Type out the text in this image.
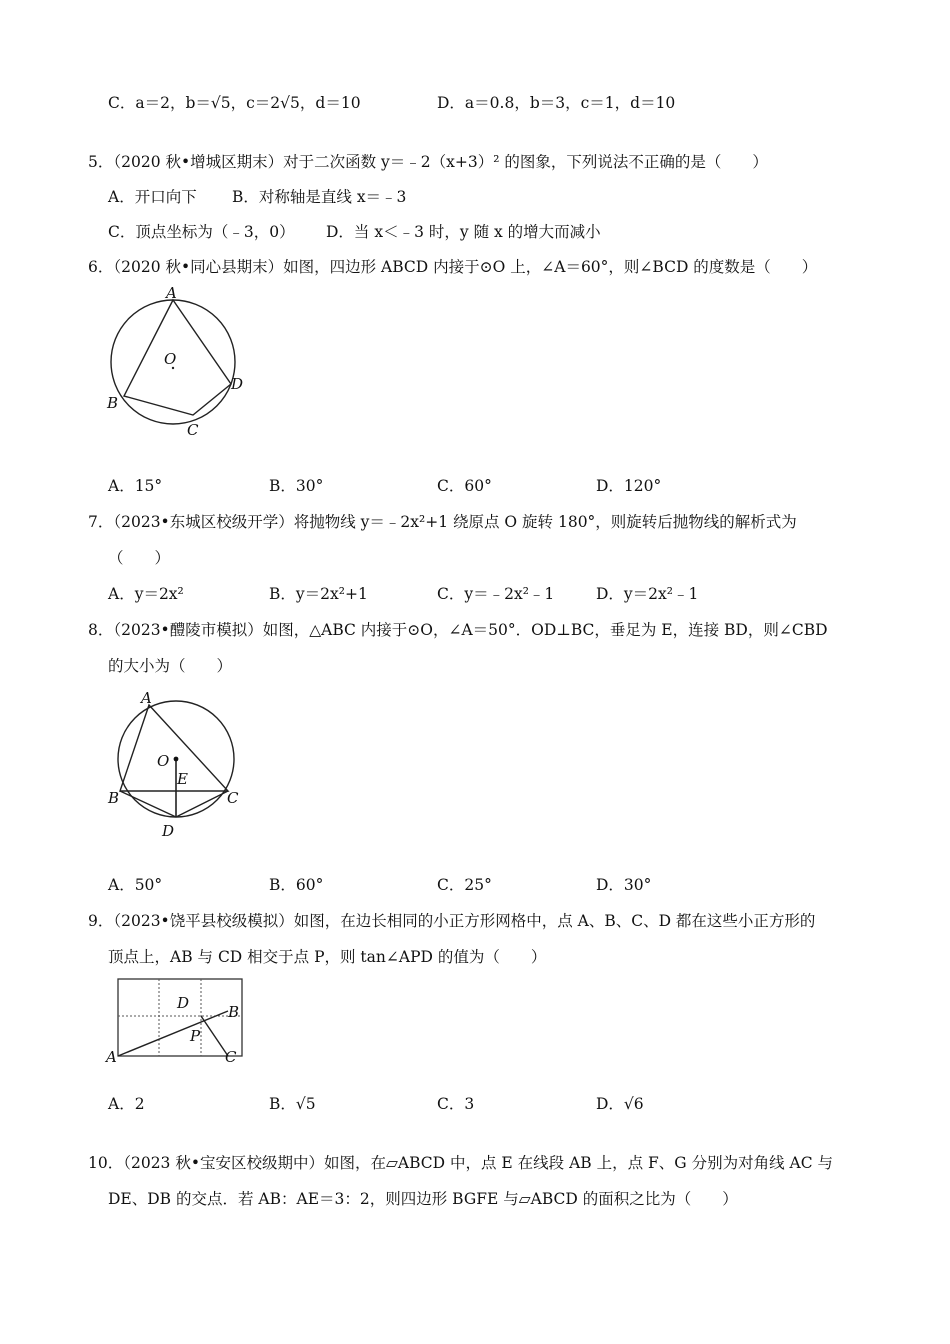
C．a＝2，b＝√5，c＝2√5，d＝10	D．a＝0.8，b＝3，c＝1，d＝10
5．（2020 秋•增城区期末）对于二次函数 y＝﹣2（x+3）² 的图象，下列说法不正确的是（　　）
A．开口向下 B．对称轴是直线 x＝﹣3
C．顶点坐标为（﹣3，0） D．当 x＜﹣3 时，y 随 x 的增大而减小
6．（2020 秋•同心县期末）如图，四边形 ABCD 内接于⊙O 上，∠A＝60°，则∠BCD 的度数是（　　）
A
O
B
C
D
A．15°	B．30°	C．60°	D．120°
7．（2023•东城区校级开学）将抛物线 y＝﹣2x²+1 绕原点 O 旋转 180°，则旋转后抛物线的解析式为
（　　）
A．y＝2x²	B．y＝2x²+1	C．y＝﹣2x²﹣1	D．y＝2x²﹣1
8．（2023•醴陵市模拟）如图，△ABC 内接于⊙O，∠A＝50°．OD⊥BC，垂足为 E，连接 BD，则∠CBD
的大小为（　　）
A
O
E
B	C
D
A．50°	B．60°	C．25°	D．30°
9．（2023•饶平县校级模拟）如图，在边长相同的小正方形网格中，点 A、B、C、D 都在这些小正方形的
顶点上，AB 与 CD 相交于点 P，则 tan∠APD 的值为（　　）
D	B
P
A	C
A．2	B．√5	C．3	D．√6
10．（2023 秋•宝安区校级期中）如图，在▱ABCD 中，点 E 在线段 AB 上，点 F、G 分别为对角线 AC 与
DE、DB 的交点．若 AB：AE＝3：2，则四边形 BGFE 与▱ABCD 的面积之比为（　　）
